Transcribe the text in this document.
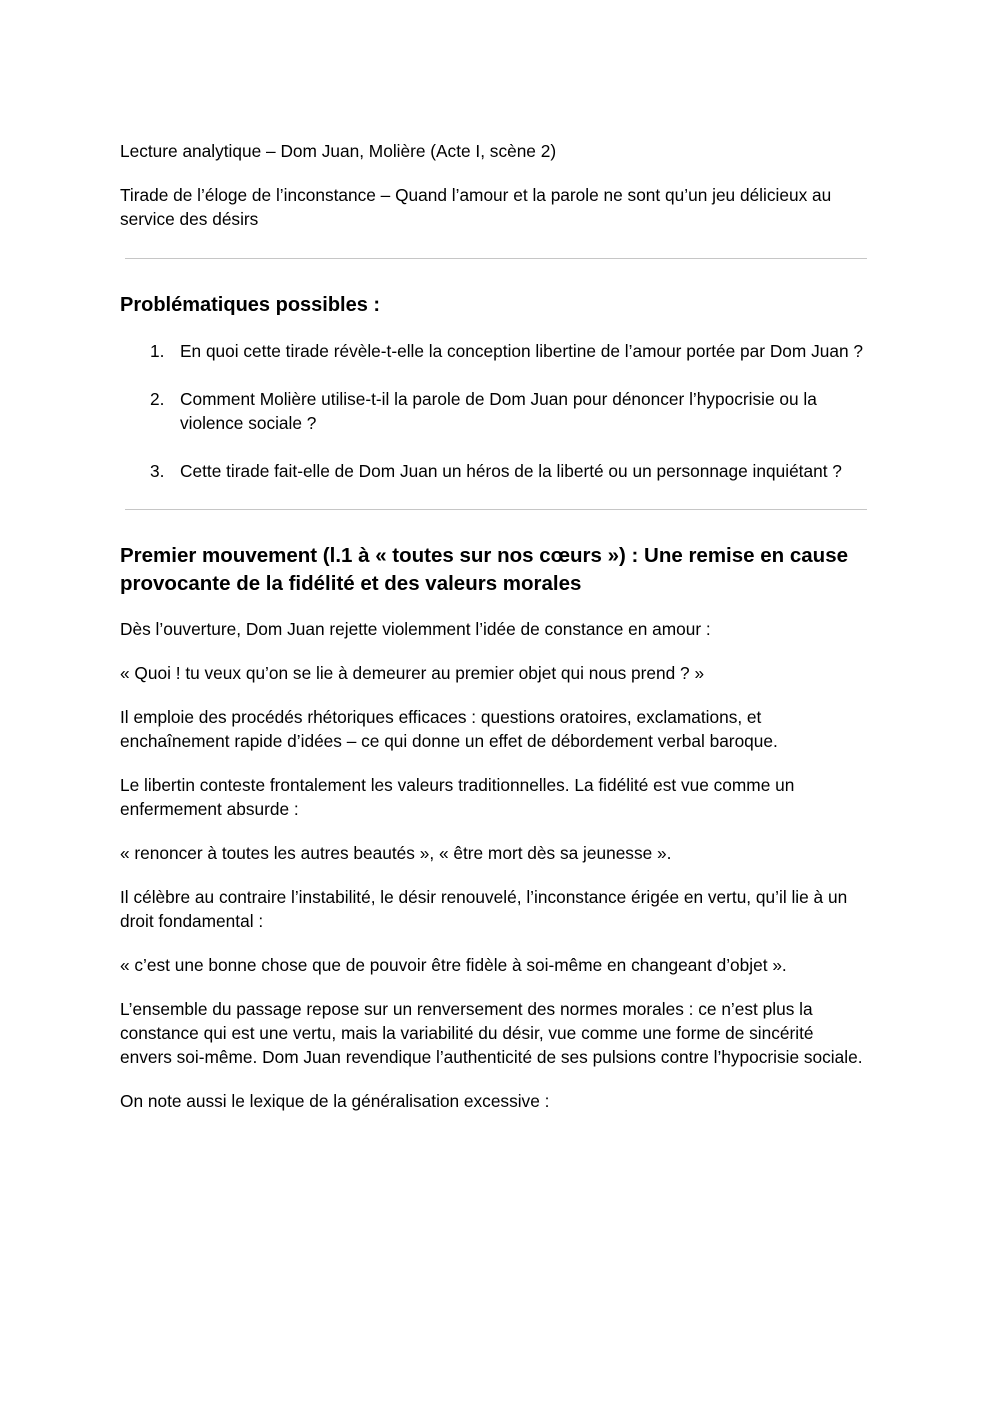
Lecture analytique – Dom Juan, Molière (Acte I, scène 2)

Tirade de l’éloge de l’inconstance – Quand l’amour et la parole ne sont qu’un jeu délicieux au service des désirs

Problématiques possibles :
1. En quoi cette tirade révèle-t-elle la conception libertine de l’amour portée par Dom Juan ?
2. Comment Molière utilise-t-il la parole de Dom Juan pour dénoncer l’hypocrisie ou la violence sociale ?
3. Cette tirade fait-elle de Dom Juan un héros de la liberté ou un personnage inquiétant ?
Premier mouvement (l.1 à « toutes sur nos cœurs ») : Une remise en cause provocante de la fidélité et des valeurs morales

Dès l’ouverture, Dom Juan rejette violemment l’idée de constance en amour :

« Quoi ! tu veux qu’on se lie à demeurer au premier objet qui nous prend ? »

Il emploie des procédés rhétoriques efficaces : questions oratoires, exclamations, et enchaînement rapide d’idées – ce qui donne un effet de débordement verbal baroque.

Le libertin conteste frontalement les valeurs traditionnelles. La fidélité est vue comme un enfermement absurde :

« renoncer à toutes les autres beautés », « être mort dès sa jeunesse ».

Il célèbre au contraire l’instabilité, le désir renouvelé, l’inconstance érigée en vertu, qu’il lie à un droit fondamental :

« c’est une bonne chose que de pouvoir être fidèle à soi-même en changeant d’objet ».

L’ensemble du passage repose sur un renversement des normes morales : ce n’est plus la constance qui est une vertu, mais la variabilité du désir, vue comme une forme de sincérité envers soi-même. Dom Juan revendique l’authenticité de ses pulsions contre l’hypocrisie sociale.

On note aussi le lexique de la généralisation excessive :
